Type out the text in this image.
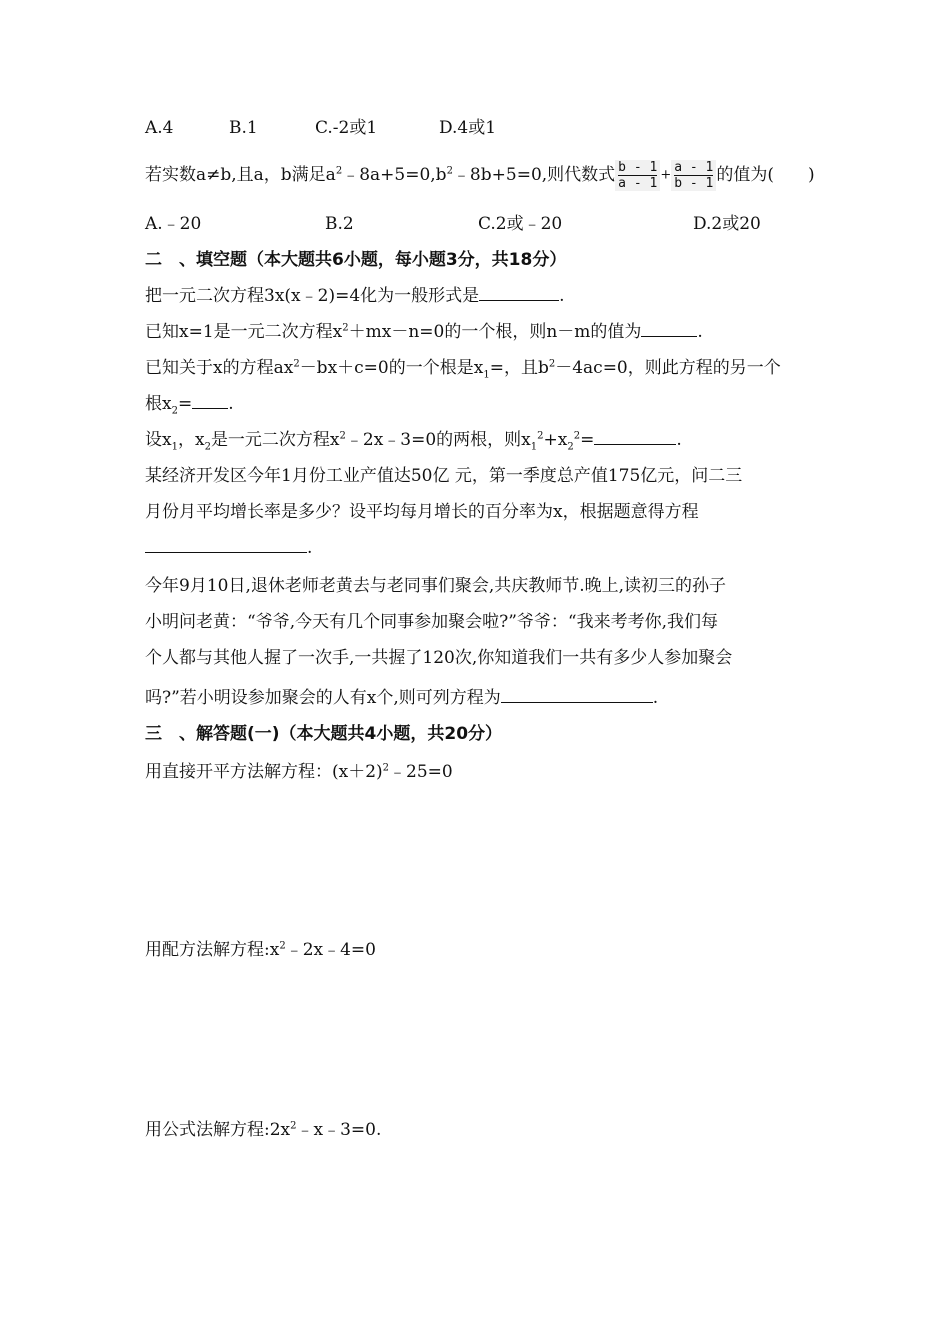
A.4	B.1	C.-2或1	D.4或1
若实数a≠b,且a，b满足$a^2﹣8a+5=0,b^2﹣8b+5=0$,则代数式 $\frac{b - 1}{a - 1} + \frac{a - 1}{b - 1}$ 的值为(　　)
A.﹣20	B.2	C.2或﹣20	D.2或20
二　、填空题（本大题共6小题，每小题3分，共18分）
把一元二次方程3x(x﹣2)=4化为一般形式是	.
已知x=1是一元二次方程$x^2+mx-n=0$的一个根，则n－m的值为	.
已知关于x的方程$ax^2-bx+c=0$的一个根是$x_1=$，且$b^2-4ac=0$，则此方程的另一个
根$x_2=$ .
设$x_1$，$x_2$是一元二次方程$x^2﹣2x﹣3=0$的两根，则$x_1^2+x_2^2=$	.
某经济开发区今年1月份工业产值达50亿 元，第一季度总产值175亿元，问二三
月份月平均增长率是多少？设平均每月增长的百分率为x，根据题意得方程
.
今年9月10日,退休老师老黄去与老同事们聚会,共庆教师节.晚上,读初三的孙子
小明问老黄：“爷爷,今天有几个同事参加聚会啦?”爷爷：“我来考考你,我们每
个人都与其他人握了一次手,一共握了120次,你知道我们一共有多少人参加聚会
吗?”若小明设参加聚会的人有x个,则可列方程为	.
三　、解答题(一)（本大题共4小题，共20分）
用直接开平方法解方程：$(x+2)^2﹣25=0$
用配方法解方程$:x^2﹣2x﹣4=0$
用公式法解方程$:2x^2﹣x﹣3=0$.
